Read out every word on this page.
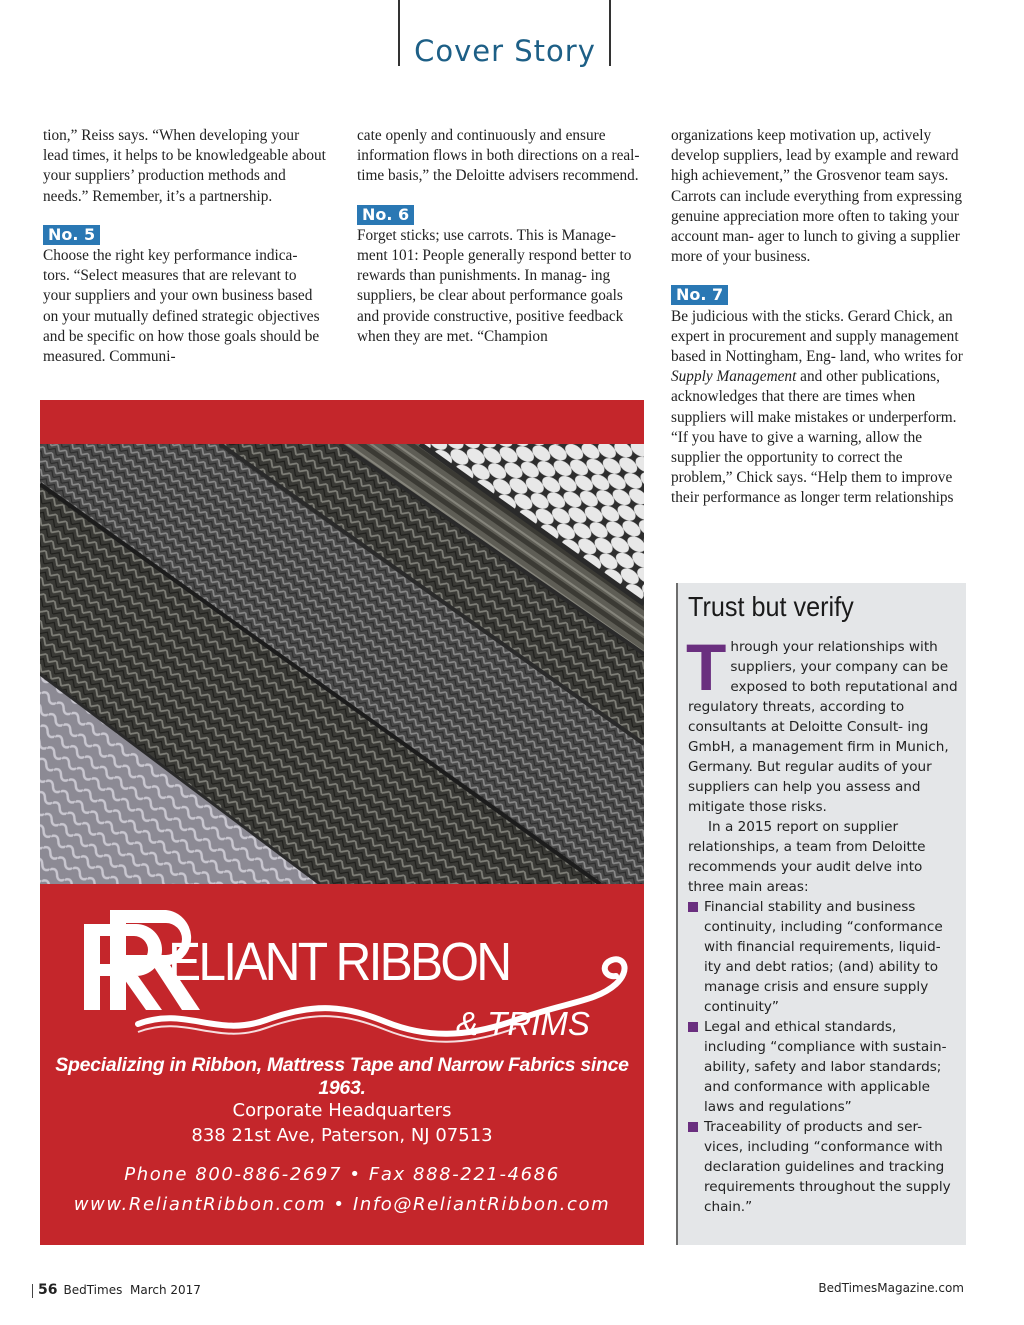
Cover Story

tion,” Reiss says. “When developing your lead times, it helps to be knowledgeable about your suppliers’ production methods and needs.” Remember, it’s a partnership.

No. 5

Choose the right key performance indica- tors. “Select measures that are relevant to your suppliers and your own business based on your mutually defined strategic objectives and be specific on how those goals should be measured. Communi-

cate openly and continuously and ensure information flows in both directions on a real-time basis,” the Deloitte advisers recommend.

No. 6

Forget sticks; use carrots. This is Manage- ment 101: People generally respond better to rewards than punishments. In manag- ing suppliers, be clear about performance goals and provide constructive, positive feedback when they are met. “Champion

organizations keep motivation up, actively develop suppliers, lead by example and reward high achievement,” the Grosvenor team says. Carrots can include everything from expressing genuine appreciation more often to taking your account man- ager to lunch to giving a supplier more of your business.

No. 7

Be judicious with the sticks. Gerard Chick, an expert in procurement and supply management based in Nottingham, Eng- land, who writes for Supply Management and other publications, acknowledges that there are times when suppliers will make mistakes or underperform. “If you have to give a warning, allow the supplier the opportunity to correct the problem,” Chick says. “Help them to improve their performance as longer term relationships

ELIANT RIBBON
& TRIMS
Specializing in Ribbon, Mattress Tape and Narrow Fabrics since 1963.
Corporate Headquarters
838 21st Ave, Paterson, NJ 07513
Phone 800-886-2697 • Fax 888-221-4686
www.ReliantRibbon.com • Info@ReliantRibbon.com
Trust but verify

Through your relationships with suppliers, your company can be exposed to both reputational and regulatory threats, according to consultants at Deloitte Consult- ing GmbH, a management firm in Munich, Germany. But regular audits of your suppliers can help you assess and mitigate those risks.

In a 2015 report on supplier relationships, a team from Deloitte recommends your audit delve into three main areas:

Financial stability and business continuity, including “conformance with financial requirements, liquid- ity and debt ratios; (and) ability to manage crisis and ensure supply continuity”
Legal and ethical standards, including “compliance with sustain- ability, safety and labor standards; and conformance with applicable laws and regulations”
Traceability of products and ser- vices, including “conformance with declaration guidelines and tracking requirements throughout the supply chain.”
56 BedTimes March 2017	BedTimesMagazine.com
